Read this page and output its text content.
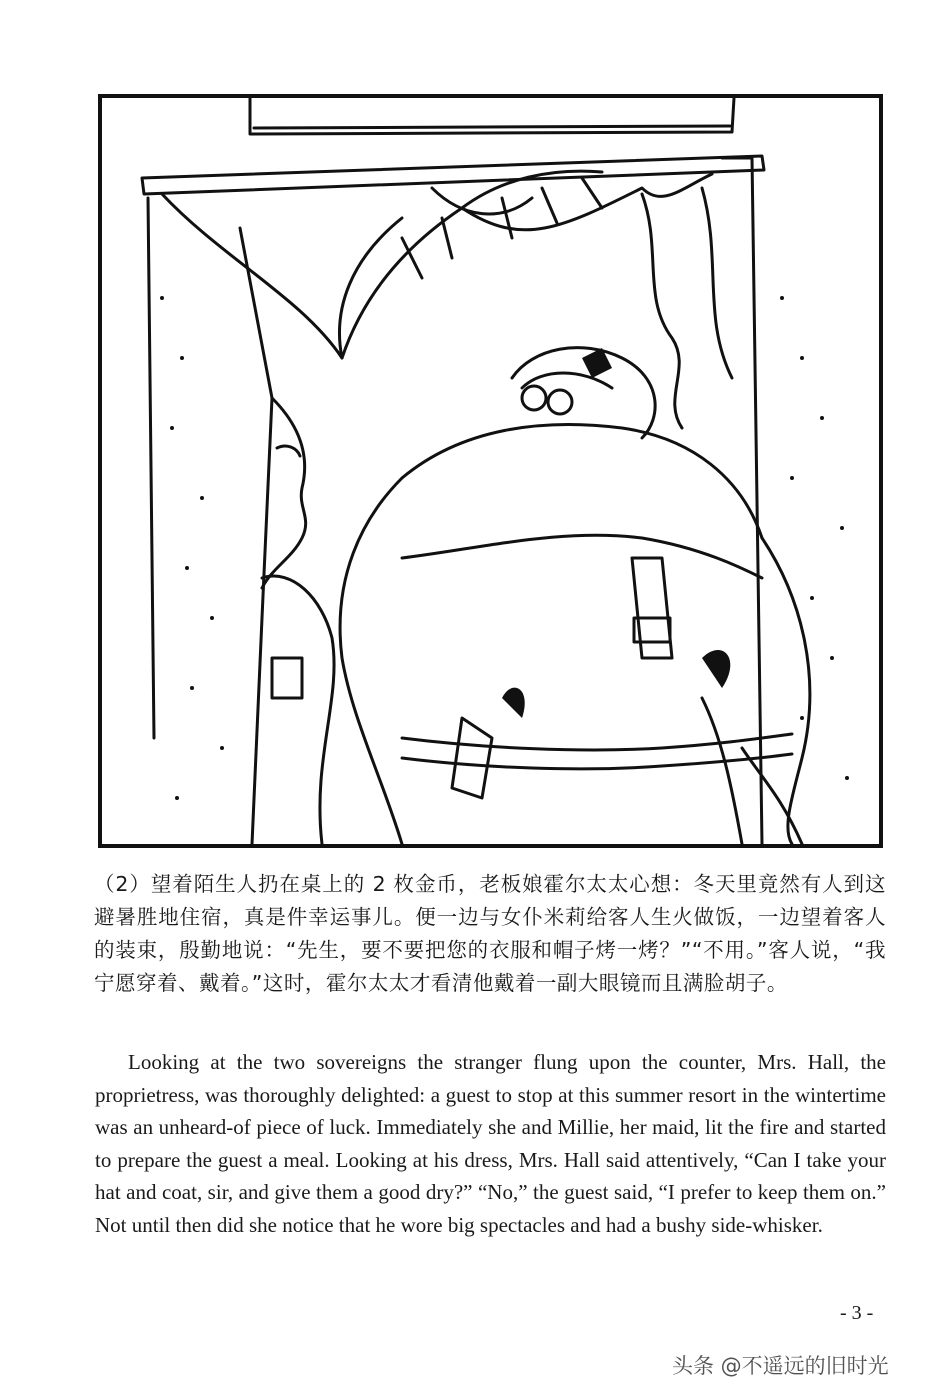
（2）望着陌生人扔在桌上的 2 枚金币，老板娘霍尔太太心想：冬天里竟然有人到这避暑胜地住宿，真是件幸运事儿。便一边与女仆米莉给客人生火做饭，一边望着客人的装束，殷勤地说：“先生，要不要把您的衣服和帽子烤一烤？”“不用。”客人说，“我宁愿穿着、戴着。”这时，霍尔太太才看清他戴着一副大眼镜而且满脸胡子。

Looking at the two sovereigns the stranger flung upon the counter, Mrs. Hall, the proprietress, was thoroughly delighted: a guest to stop at this summer resort in the wintertime was an unheard-of piece of luck. Immediately she and Millie, her maid, lit the fire and started to prepare the guest a meal. Looking at his dress, Mrs. Hall said attentively, “Can I take your hat and coat, sir, and give them a good dry?” “No,” the guest said, “I prefer to keep them on.” Not until then did she notice that he wore big spectacles and had a bushy side-whisker.

- 3 -
头条 @不遥远的旧时光
